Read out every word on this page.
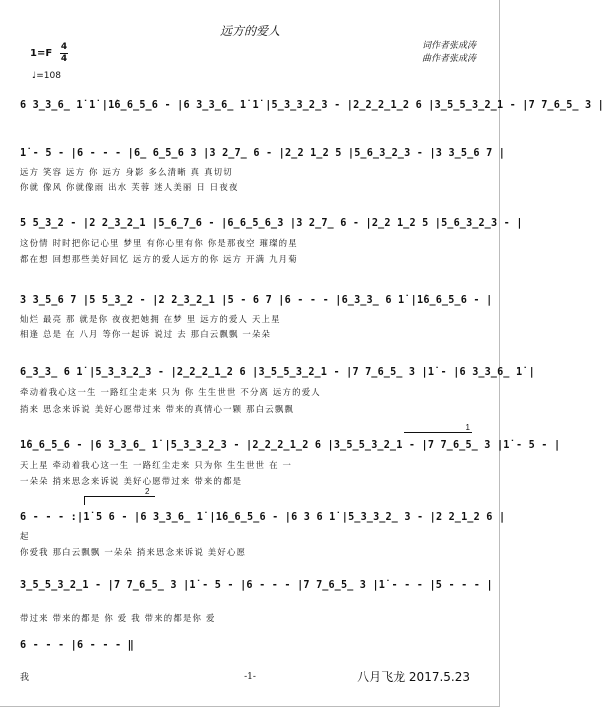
远方的爱人
1=F
4
4
♩=108
词作者张成涛
曲作者张成涛
6 3̲3̲6̲ 1̇ 1̇ |1̇6̲6̲5̲6 - |6 3̲3̲6̲ 1̇ 1̇ |5̲3̲3̲2̲3 - |2̲2̲2̲1̲2 6 |3̲5̲5̲3̲2̲1 - |7 7̲6̲5̲ 3 |
1̇ - 5 - |6 - - - |6̲ 6̲5̲6 3 |3 2̲7̲ 6 - |2̲2 1̲2 5 |5̲6̲3̲2̲3 - |3 3̲5̲6 7 |
远方 笑容 远方 你 远方 身影 多么清晰 真 真切切
你就 像风 你就像雨 出水 芙蓉 迷人美丽 日 日夜夜
5 5̲3̲2 - |2 2̲3̲2̲1 |5̲6̲7̲6 - |6̲6̲5̲6̲3 |3 2̲7̲ 6 - |2̲2 1̲2 5 |5̲6̲3̲2̲3 - |
这份情 时时把你记心里 梦里 有你心里有你 你是那夜空 璀璨的星
都在想 回想那些美好回忆 远方的爱人远方的你 远方 开满 九月菊
3 3̲5̲6 7 |5 5̲3̲2 - |2 2̲3̲2̲1 |5 - 6 7 |6 - - - |6̲3̲3̲ 6 1̇ |1̇6̲6̲5̲6 - |
灿烂 最亮 那 就是你 夜夜把她拥 在梦 里 远方的爱人 天上星
相逢 总是 在 八月 等你一起诉 说过 去 那白云飘飘 一朵朵
6̲3̲3̲ 6 1̇ |5̲3̲3̲2̲3 - |2̲2̲2̲1̲2 6 |3̲5̲5̲3̲2̲1 - |7 7̲6̲5̲ 3 |1̇ - |6 3̲3̲6̲ 1̇ |
牵动着我心这一生 一路红尘走来 只为 你 生生世世 不分离 远方的爱人
捎来 思念来诉说 美好心愿带过来 带来的真情心一颗 那白云飘飘
1
1̇6̲6̲5̲6 - |6 3̲3̲6̲ 1̇ |5̲3̲3̲2̲3 - |2̲2̲2̲1̲2 6 |3̲5̲5̲3̲2̲1 - |7 7̲6̲5̲ 3 |1̇ - 5 - |
天上星 牵动着我心这一生 一路红尘走来 只为你 生生世世 在 一
一朵朵 捎来思念来诉说 美好心愿带过来 带来的都是
2
6 - - - :|1̇ 5 6 - |6 3̲3̲6̲ 1̇ |1̇6̲6̲5̲6 - |6 3 6 1̇ |5̲3̲3̲2̲ 3 - |2 2̲1̲2 6 |
起
你爱我 那白云飘飘 一朵朵 捎来思念来诉说 美好心愿
3̲5̲5̲3̲2̲1 - |7 7̲6̲5̲ 3 |1̇ - 5 - |6 - - - |7 7̲6̲5̲ 3 |1̇ - - - |5 - - - |
带过来 带来的都是 你 爱 我 带来的都是你 爱
6 - - - |6 - - - ‖
我	-1-	八月飞龙 2017.5.23
